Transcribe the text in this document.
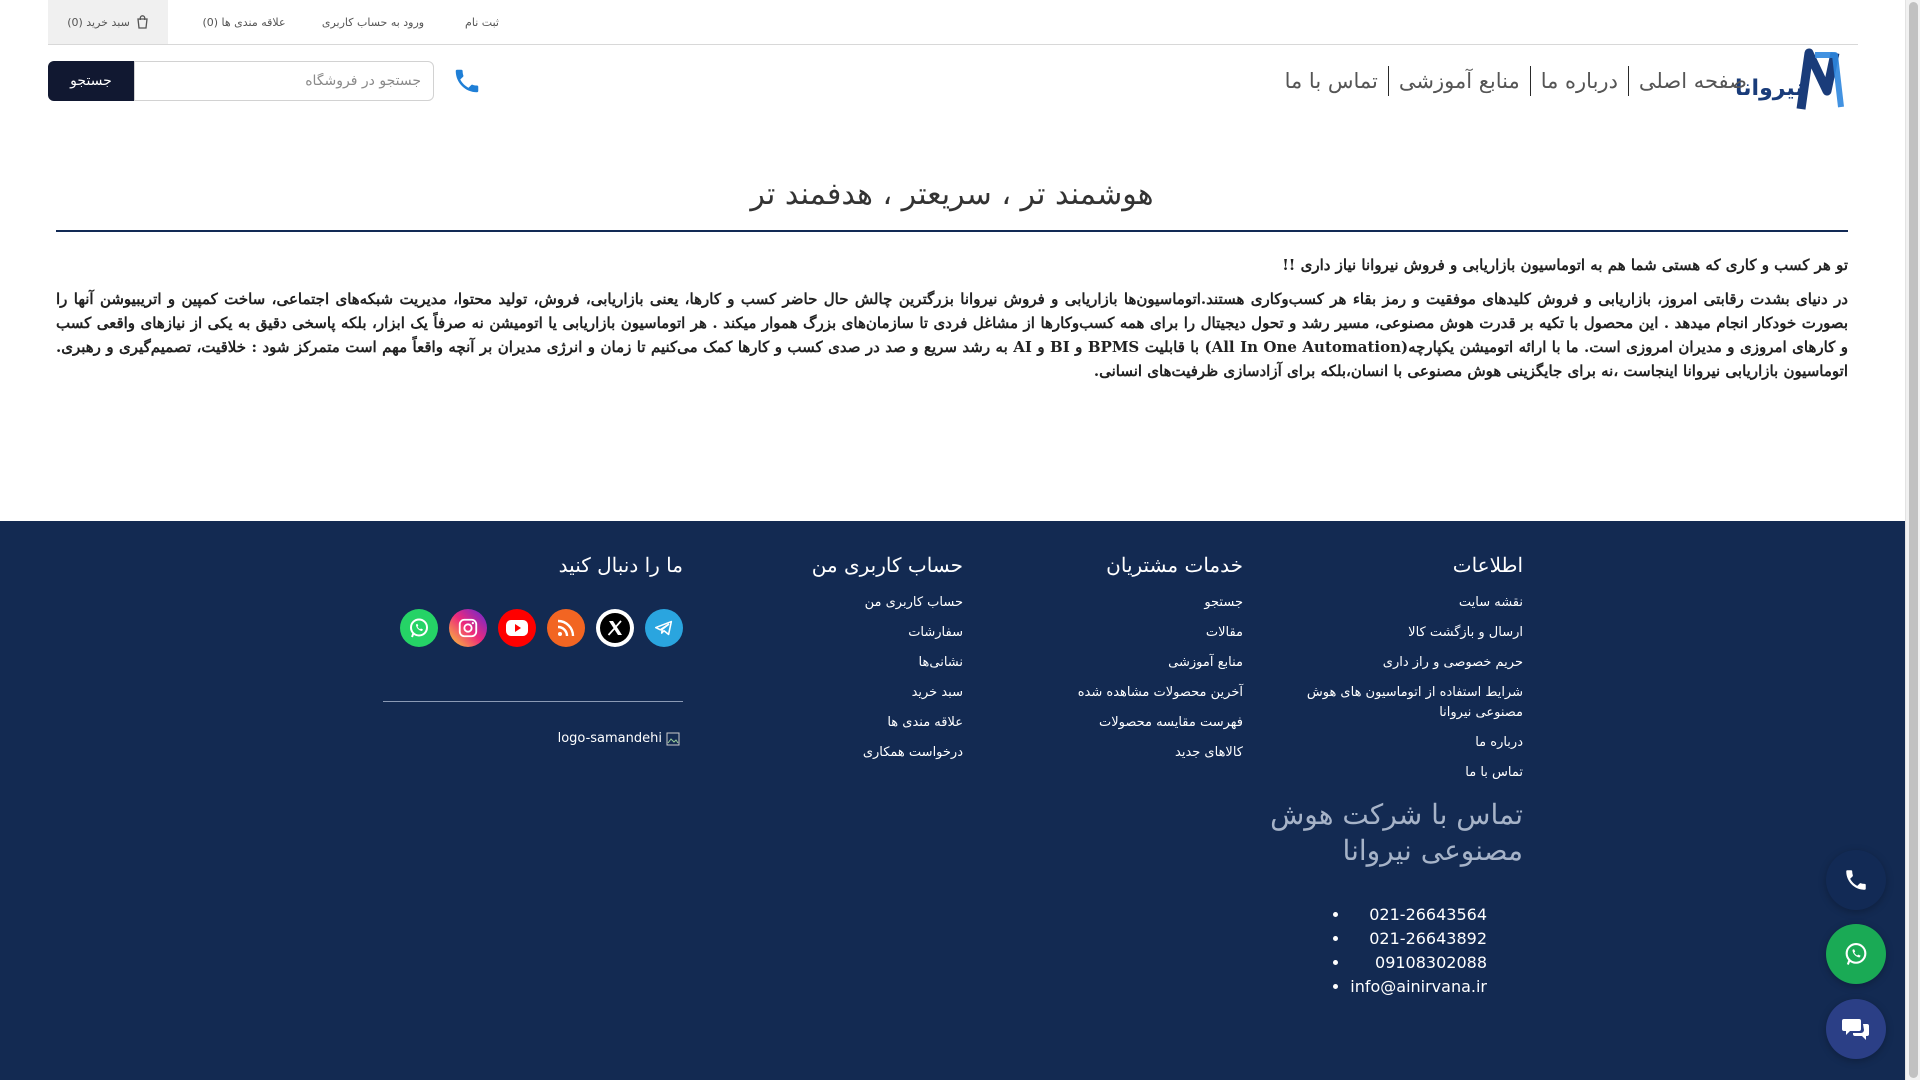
سبد خرید (0)	علاقه مندی ها (0)	ورود به حساب کاربری	ثبت نام
نیروانا
صفحه اصلی
درباره ما
منابع آموزشی
تماس با ما
جستجو در فروشگاه
جستجو
هوشمند تر ، سریعتر ، هدفمند تر

تو هر کسب و کاری که هستی شما هم به اتوماسیون بازاریابی و فروش نیروانا نیاز داری !!

در دنیای بشدت رقابتی امروز، بازاریابی و فروش کلیدهای موفقیت و رمز بقاء هر کسب‌وکاری هستند.اتوماسیون‌ها بازاریابی و فروش نیروانا بزرگترین چالش حال حاضر کسب و کارها، یعنی بازاریابی، فروش، تولید محتوا، مدیریت شبکه‌های اجتماعی، ساخت کمپین و اتریبیوشن آنها را بصورت خودکار انجام میدهد . این محصول با تکیه بر قدرت هوش مصنوعی، مسیر رشد و تحول دیجیتال را برای همه کسب‌وکارها از مشاغل فردی تا سازمان‌های بزرگ هموار میکند . هر اتوماسیون بازاریابی یا اتومیشن نه صرفاً یک ابزار، بلکه پاسخی دقیق به یکی از نیازهای واقعی کسب و کارهای امروزی و مدیران امروزی است. ما با ارائه اتومیشن یکپارچه(All In One Automation) با قابلیت BPMS و BI و AI به رشد سریع و صد در صدی کسب و کارها کمک می‌کنیم تا زمان و انرژی مدیران بر آنچه واقعاً مهم است متمرکز شود : خلاقیت، تصمیم‌گیری و رهبری. اتوماسیون بازاریابی نیروانا اینجاست ،نه برای جایگزینی هوش مصنوعی با انسان،بلکه برای آزادسازی ظرفیت‌های انسانی.

اطلاعات
نقشه سایت
ارسال و بازگشت کالا
حریم خصوصی و راز داری
شرایط استفاده از اتوماسیون های هوش مصنوعی نیروانا
درباره ما
تماس با ما
خدمات مشتریان
جستجو
مقالات
منابع آموزشی
آخرین محصولات مشاهده شده
فهرست مقایسه محصولات
کالاهای جدید
حساب کاربری من
حساب کاربری من
سفارشات
نشانی‌ها
سبد خرید
علاقه مندی ها
درخواست همکاری
ما را دنبال کنید
logo-samandehi
تماس با شرکت هوش مصنوعی نیروانا
• 021-26643564
• 021-26643892
• 09108302088
• info@ainirvana.ir
